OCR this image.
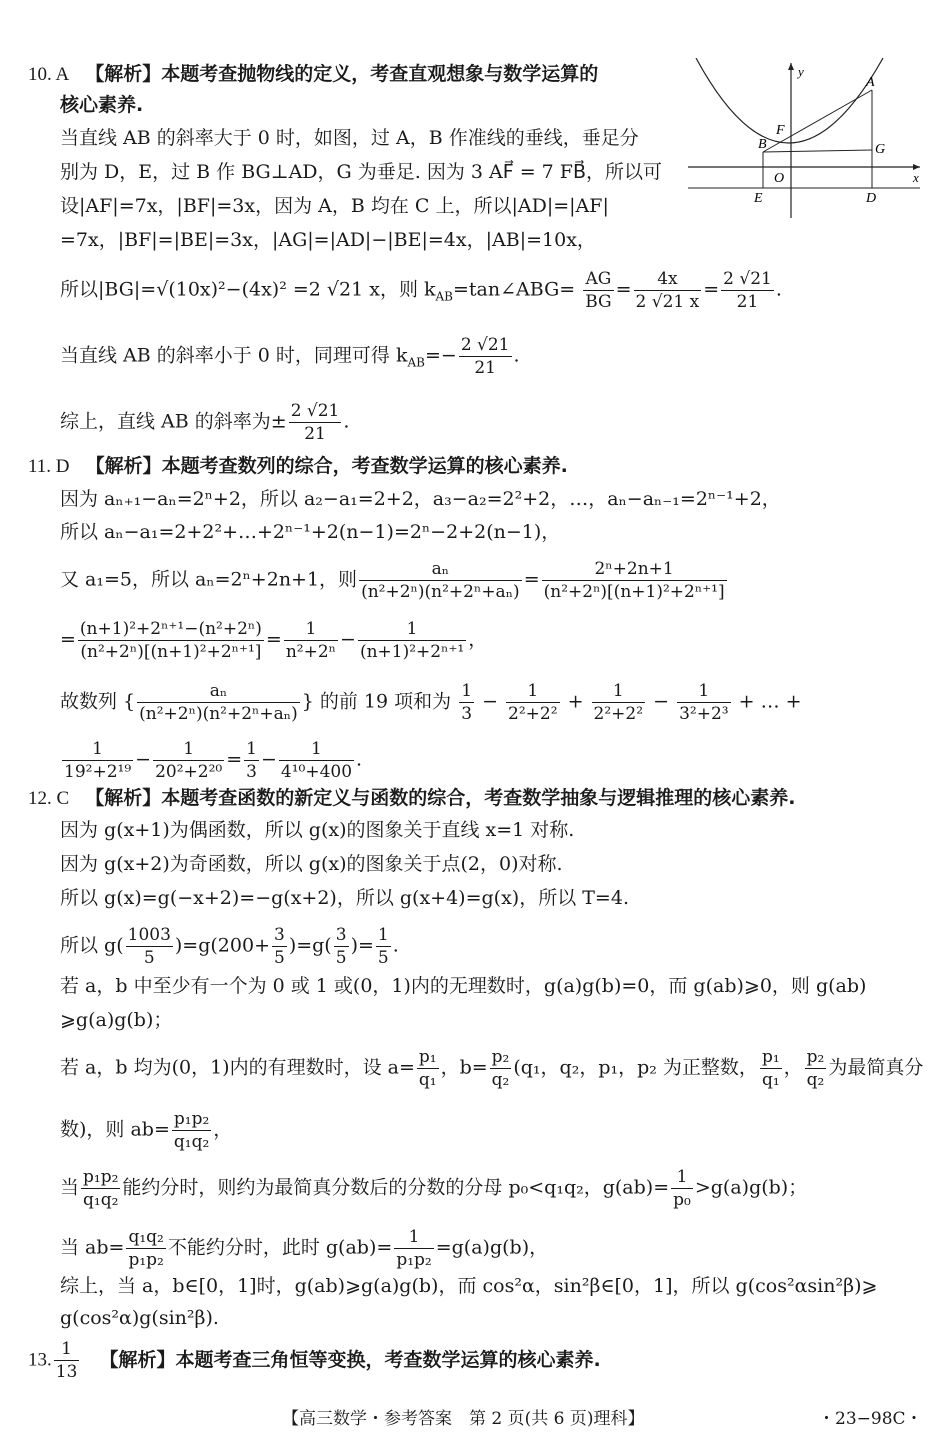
10. A 【解析】本题考查抛物线的定义，考查直观想象与数学运算的
核心素养.
当直线 AB 的斜率大于 0 时，如图，过 A，B 作准线的垂线，垂足分
别为 D，E，过 B 作 BG⊥AD，G 为垂足. 因为 3 AF⃗ = 7 FB⃗，所以可
设|AF|=7x，|BF|=3x，因为 A，B 均在 C 上，所以|AD|=|AF|
=7x，|BF|=|BE|=3x，|AG|=|AD|−|BE|=4x，|AB|=10x，
所以|BG|=√(10x)²−(4x)² =2 √21 x，则 $k_{AB}=\tan\angle ABG= \frac{AG}{BG} = \frac{4x}{2 √21 x} = \frac{2 √21}{21}$ .
当直线 AB 的斜率小于 0 时，同理可得 $k_{AB}=- \frac{2 √21}{21}$ .
综上，直线 AB 的斜率为± $\frac{2 √21}{21}$ .
y
x
A
B
F
G
O
E	D
11. D 【解析】本题考查数列的综合，考查数学运算的核心素养.
因为 aₙ₊₁−aₙ=2ⁿ+2，所以 a₂−a₁=2+2，a₃−a₂=2²+2，…，aₙ−aₙ₋₁=2ⁿ⁻¹+2，
所以 aₙ−a₁=2+2²+…+2ⁿ⁻¹+2(n−1)=2ⁿ−2+2(n−1)，
又 a₁=5，所以 aₙ=2ⁿ+2n+1，则 $\frac{\text{aₙ}}{\text{(n²+2ⁿ)(n²+2ⁿ+aₙ)}} = \frac{\text{2ⁿ+2n+1}}{\text{(n²+2ⁿ)[(n+1)²+2ⁿ⁺¹]}}$
= $\frac{\text{(n+1)²+2ⁿ⁺¹−(n²+2ⁿ)}}{\text{(n²+2ⁿ)[(n+1)²+2ⁿ⁺¹]}} = \frac{1}{\text{n²+2ⁿ}} - \frac{1}{\text{(n+1)²+2ⁿ⁺¹}}$ ，
故数列 { $\frac{\text{aₙ}}{\text{(n²+2ⁿ)(n²+2ⁿ+aₙ)}}$ } 的前 19 项和为 $\frac{1}{3} - \frac{1}{\text{2²+2²}} + \frac{1}{\text{2²+2²}} - \frac{1}{\text{3²+2³}}$ + … +
$\frac{1}{\text{19²+2¹⁹}} - \frac{1}{\text{20²+2²⁰}} = \frac{1}{3} - \frac{1}{\text{4¹⁰+400}}$ .
12. C 【解析】本题考查函数的新定义与函数的综合，考查数学抽象与逻辑推理的核心素养.
因为 g(x+1)为偶函数，所以 g(x)的图象关于直线 x=1 对称.
因为 g(x+2)为奇函数，所以 g(x)的图象关于点(2，0)对称.
所以 g(x)=g(−x+2)=−g(x+2)，所以 g(x+4)=g(x)，所以 T=4.
所以 $g( \frac{1003}{5} )=g(200+ \frac{3}{5} )=g( \frac{3}{5}$ )= $\frac{1}{5}$ .
若 a，b 中至少有一个为 0 或 1 或(0，1)内的无理数时，g(a)g(b)=0，而 g(ab)⩾0，则 g(ab)
⩾g(a)g(b)；
若 a，b 均为(0，1)内的有理数时，设 $a= \frac{\text{p₁}}{\text{q₁}}$ ，$b= \frac{\text{p₂}}{\text{q₂}} (q_1$，q₂，p₁，p₂ 为正整数， $\frac{\text{p₁}}{\text{q₁}}$ ， $\frac{\text{p₂}}{\text{q₂}}$ 为最简真分
数)，则 $ab= \frac{\text{p₁p₂}}{\text{q₁q₂}}$ ，
当 $\frac{\text{p₁p₂}}{\text{q₁q₂}}$ 能约分时，则约为最简真分数后的分数的分母 p₀<q₁q₂，$g(ab)= \frac{1}{\text{p₀}} >g(a)g(b)$；
当 $ab= \frac{\text{q₁q₂}}{\text{p₁p₂}}$ 不能约分时，此时 $g(ab)= \frac{1}{\text{p₁p₂}} =g(a)g(b)$，
综上，当 a，b∈[0，1]时，g(ab)⩾g(a)g(b)，而 cos²α，sin²β∈[0，1]，所以 g(cos²αsin²β)⩾
g(cos²α)g(sin²β).
13. $\frac{1}{13}$ 【解析】本题考查三角恒等变换，考查数学运算的核心素养.
【高三数学・参考答案　第 2 页(共 6 页)理科】	・23−98C・
